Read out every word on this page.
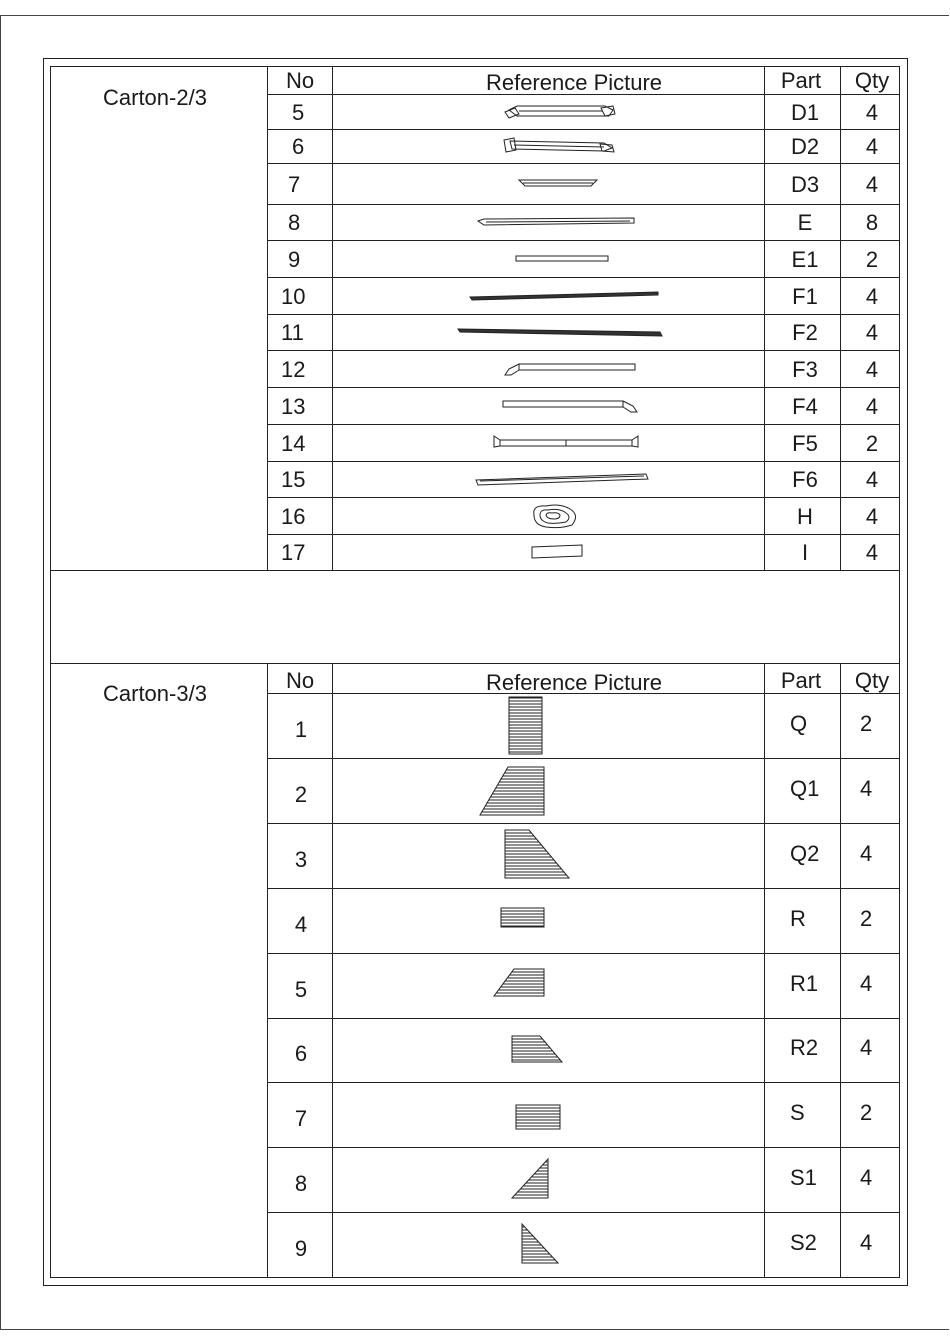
Carton-2/3
No	Reference Picture	Part Qty
5	D1 4
6	D2 4
7	D3 4
8	E 8
9	E1 2
10	F1 4
11	F2 4
12	F3 4
13	F4 4
14	F5 2
15	F6 4
16	H 4
17	I	4
Carton-3/3
No	Reference Picture	Part Qty
1	Q 2
2	Q1 4
3	Q2 4
4	R 2
5	R1 4
6	R2 4
7	S	2
8	S1 4
9	S2 4
